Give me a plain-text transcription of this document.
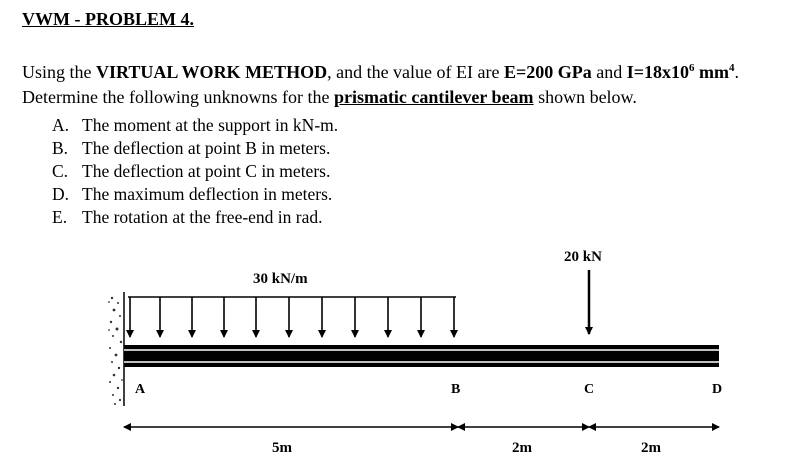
VWM - PROBLEM 4.

Using the VIRTUAL WORK METHOD, and the value of EI are E=200 GPa and $I=18x10^6$ $mm^4$.

Determine the following unknowns for the prismatic cantilever beam shown below.

A. The moment at the support in kN-m.
B. The deflection at point B in meters.
C. The deflection at point C in meters.
D. The maximum deflection in meters.
E. The rotation at the free-end in rad.
30 kN/m
20 kN
A	B	C	D
5m	2m	2m
